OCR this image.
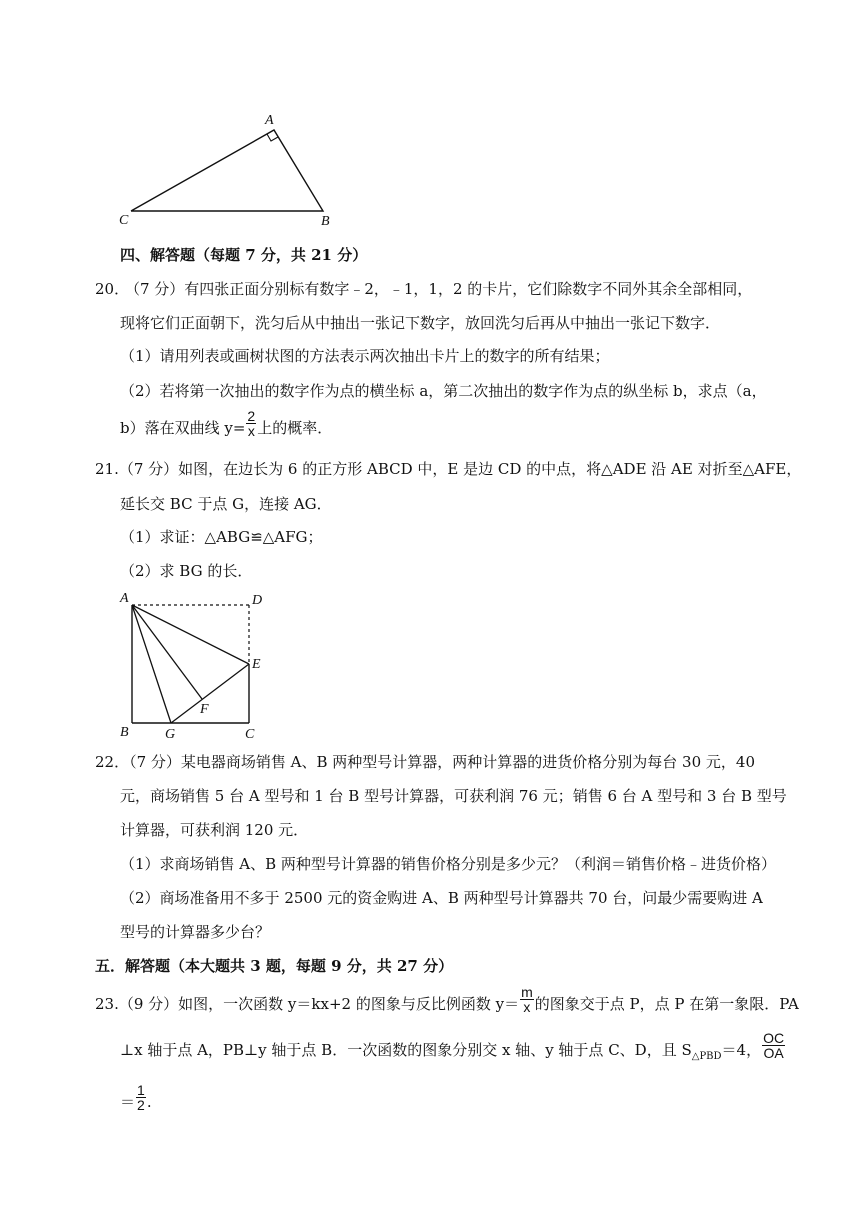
A
C	B
四、解答题（每题 7 分，共 21 分）
20．
（7 分）有四张正面分别标有数字﹣2，﹣1，1，2 的卡片，它们除数字不同外其余全部相同，
现将它们正面朝下，洗匀后从中抽出一张记下数字，放回洗匀后再从中抽出一张记下数字．
（1）请用列表或画树状图的方法表示两次抽出卡片上的数字的所有结果；
（2）若将第一次抽出的数字作为点的横坐标 a，第二次抽出的数字作为点的纵坐标 b，求点（a，
b）落在双曲线 $y= \frac{2}{x}$ 上的概率．
21.（7 分）如图，在边长为 6 的正方形 ABCD 中，E 是边 CD 的中点，将△ADE 沿 AE 对折至△AFE，
延长交 BC 于点 G，连接 AG．
（1）求证：△ABG≌△AFG；
（2）求 BG 的长．
A	D
E
F
B	G	C
22．（7 分）某电器商场销售 A、B 两种型号计算器，两种计算器的进货价格分别为每台 30 元，40
元，商场销售 5 台 A 型号和 1 台 B 型号计算器，可获利润 76 元；销售 6 台 A 型号和 3 台 B 型号
计算器，可获利润 120 元．
（1）求商场销售 A、B 两种型号计算器的销售价格分别是多少元？（利润＝销售价格﹣进货价格）
（2）商场准备用不多于 2500 元的资金购进 A、B 两种型号计算器共 70 台，问最少需要购进 A
型号的计算器多少台？
五．解答题（本大题共 3 题，每题 9 分，共 27 分）
23.（9 分）如图，一次函数 y＝kx+2 的图象与反比例函数 $y= \frac{m}{x}$ 的图象交于点 P，点 P 在第一象限．PA
⊥x 轴于点 A，PB⊥y 轴于点 B．一次函数的图象分别交 x 轴、y 轴于点 C、D，且 $S_{\triangle PBD}=4$， $\frac{OC}{OA}$
＝ $\frac{1}{2}$ .
